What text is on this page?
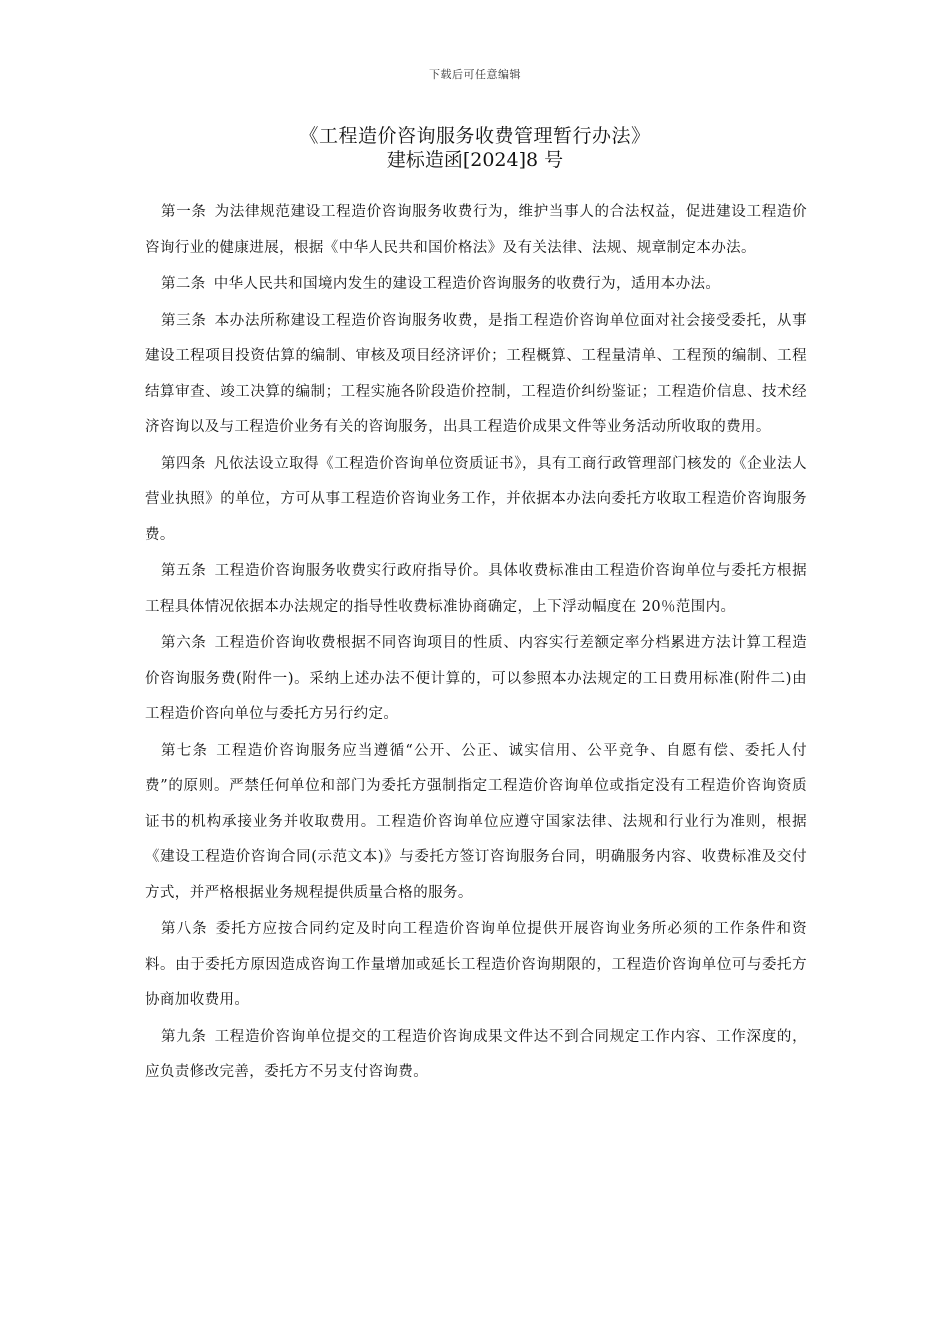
下载后可任意编辑
《工程造价咨询服务收费管理暂行办法》
建标造函[2024]8 号

第一条 为法律规范建设工程造价咨询服务收费行为，维护当事人的合法权益，促进建设工程造价咨询行业的健康进展，根据《中华人民共和国价格法》及有关法律、法规、规章制定本办法。

第二条 中华人民共和国境内发生的建设工程造价咨询服务的收费行为，适用本办法。

第三条 本办法所称建设工程造价咨询服务收费，是指工程造价咨询单位面对社会接受委托，从事建设工程项目投资估算的编制、审核及项目经济评价；工程概算、工程量清单、工程预的编制、工程结算审查、竣工决算的编制；工程实施各阶段造价控制，工程造价纠纷鉴证；工程造价信息、技术经济咨询以及与工程造价业务有关的咨询服务，出具工程造价成果文件等业务活动所收取的费用。

第四条 凡依法设立取得《工程造价咨询单位资质证书》，具有工商行政管理部门核发的《企业法人营业执照》的单位，方可从事工程造价咨询业务工作，并依据本办法向委托方收取工程造价咨询服务费。

第五条 工程造价咨询服务收费实行政府指导价。具体收费标准由工程造价咨询单位与委托方根据工程具体情况依据本办法规定的指导性收费标准协商确定，上下浮动幅度在 20％范围内。

第六条 工程造价咨询收费根据不同咨询项目的性质、内容实行差额定率分档累进方法计算工程造价咨询服务费(附件一)。采纳上述办法不便计算的，可以参照本办法规定的工日费用标准(附件二)由工程造价咨向单位与委托方另行约定。

第七条 工程造价咨询服务应当遵循“公开、公正、诚实信用、公平竞争、自愿有偿、委托人付费”的原则。严禁任何单位和部门为委托方强制指定工程造价咨询单位或指定没有工程造价咨询资质证书的机构承接业务并收取费用。工程造价咨询单位应遵守国家法律、法规和行业行为准则，根据《建设工程造价咨询合同(示范文本)》与委托方签订咨询服务台同，明确服务内容、收费标准及交付方式，并严格根据业务规程提供质量合格的服务。

第八条 委托方应按合同约定及时向工程造价咨询单位提供开展咨询业务所必须的工作条件和资料。由于委托方原因造成咨询工作量增加或延长工程造价咨询期限的，工程造价咨询单位可与委托方协商加收费用。

第九条 工程造价咨询单位提交的工程造价咨询成果文件达不到合同规定工作内容、工作深度的，应负责修改完善，委托方不另支付咨询费。
